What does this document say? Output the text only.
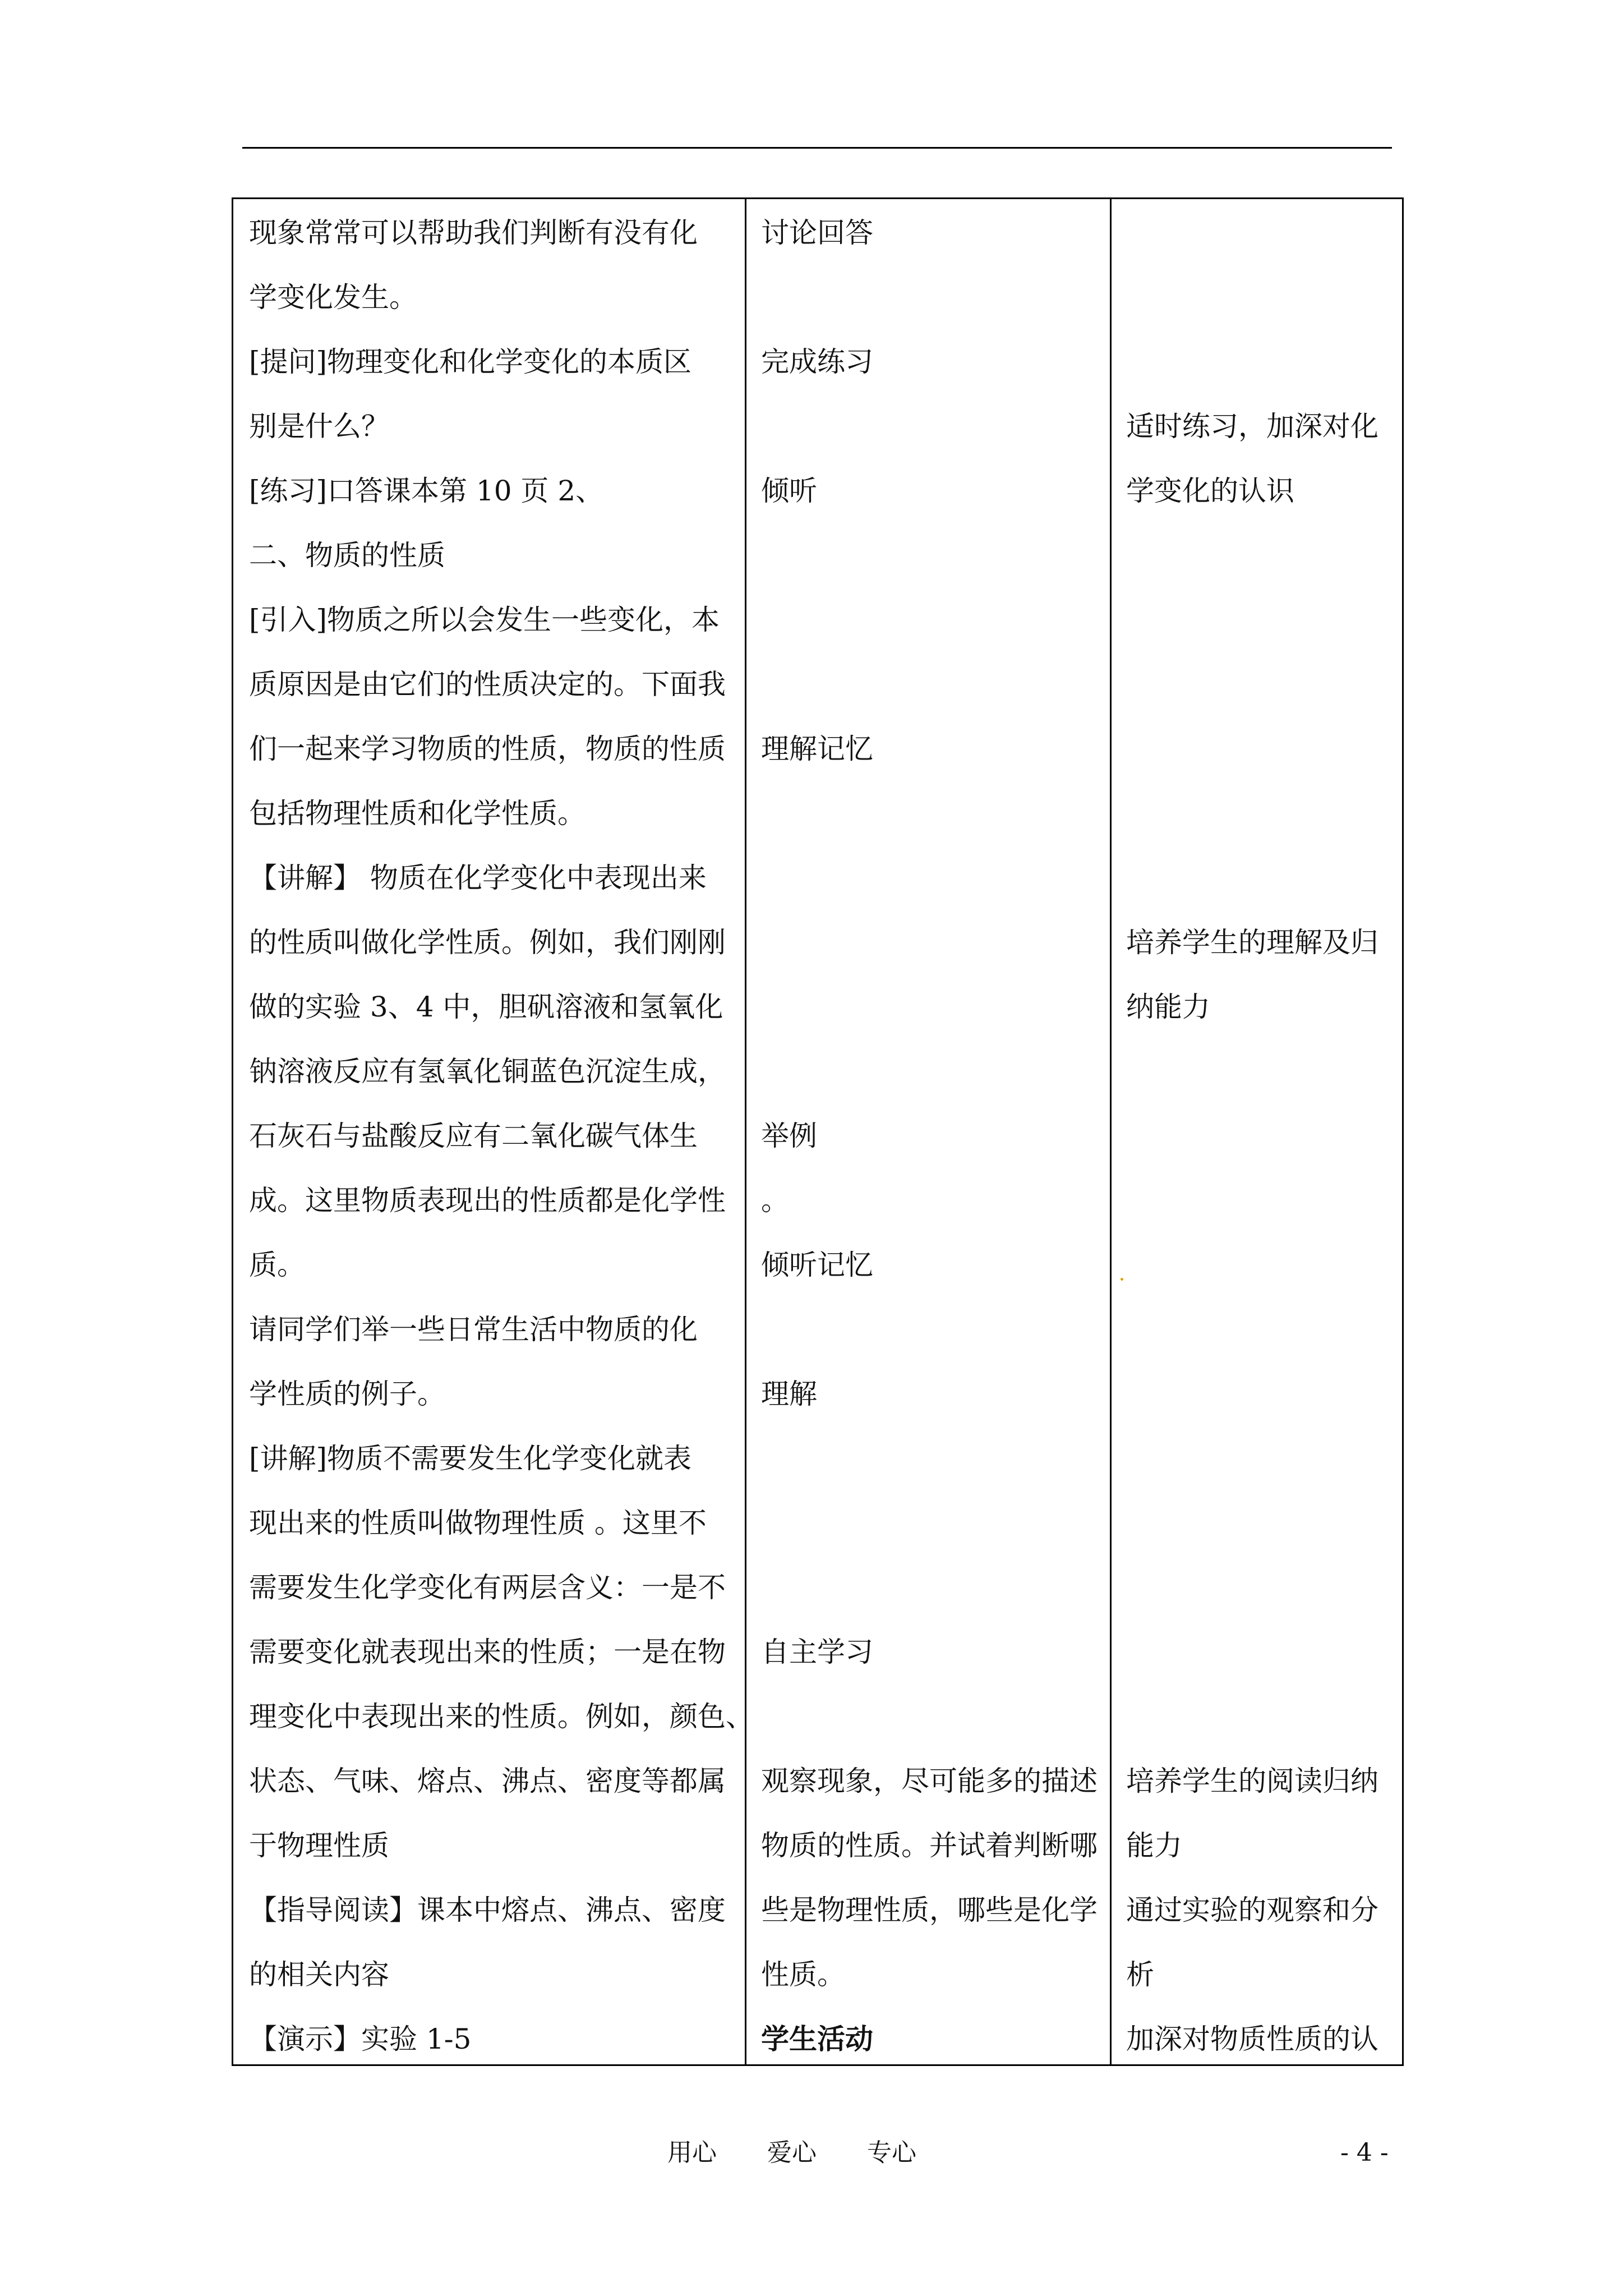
现象常常可以帮助我们判断有没有化
学变化发生。
[提问]物理变化和化学变化的本质区
别是什么？
[练习]口答课本第 10 页 2、
二、物质的性质
[引入]物质之所以会发生一些变化，本
质原因是由它们的性质决定的。下面我
们一起来学习物质的性质，物质的性质
包括物理性质和化学性质。
【讲解】 物质在化学变化中表现出来
的性质叫做化学性质。例如，我们刚刚
做的实验 3、4 中，胆矾溶液和氢氧化
钠溶液反应有氢氧化铜蓝色沉淀生成，
石灰石与盐酸反应有二氧化碳气体生
成。这里物质表现出的性质都是化学性
质。
请同学们举一些日常生活中物质的化
学性质的例子。
[讲解]物质不需要发生化学变化就表
现出来的性质叫做物理性质 。这里不
需要发生化学变化有两层含义：一是不
需要变化就表现出来的性质；一是在物
理变化中表现出来的性质。例如，颜色、
状态、气味、熔点、沸点、密度等都属
于物理性质
【指导阅读】课本中熔点、沸点、密度
的相关内容
【演示】实验 1-5
讨论回答
完成练习
倾听
理解记忆
举例
。
倾听记忆
理解
自主学习
观察现象，尽可能多的描述
物质的性质。并试着判断哪
些是物理性质，哪些是化学
性质。
学生活动
适时练习，加深对化
学变化的认识
培养学生的理解及归
纳能力
培养学生的阅读归纳
能力
通过实验的观察和分
析
加深对物质性质的认
用心 爱心 专心	- 4 -
